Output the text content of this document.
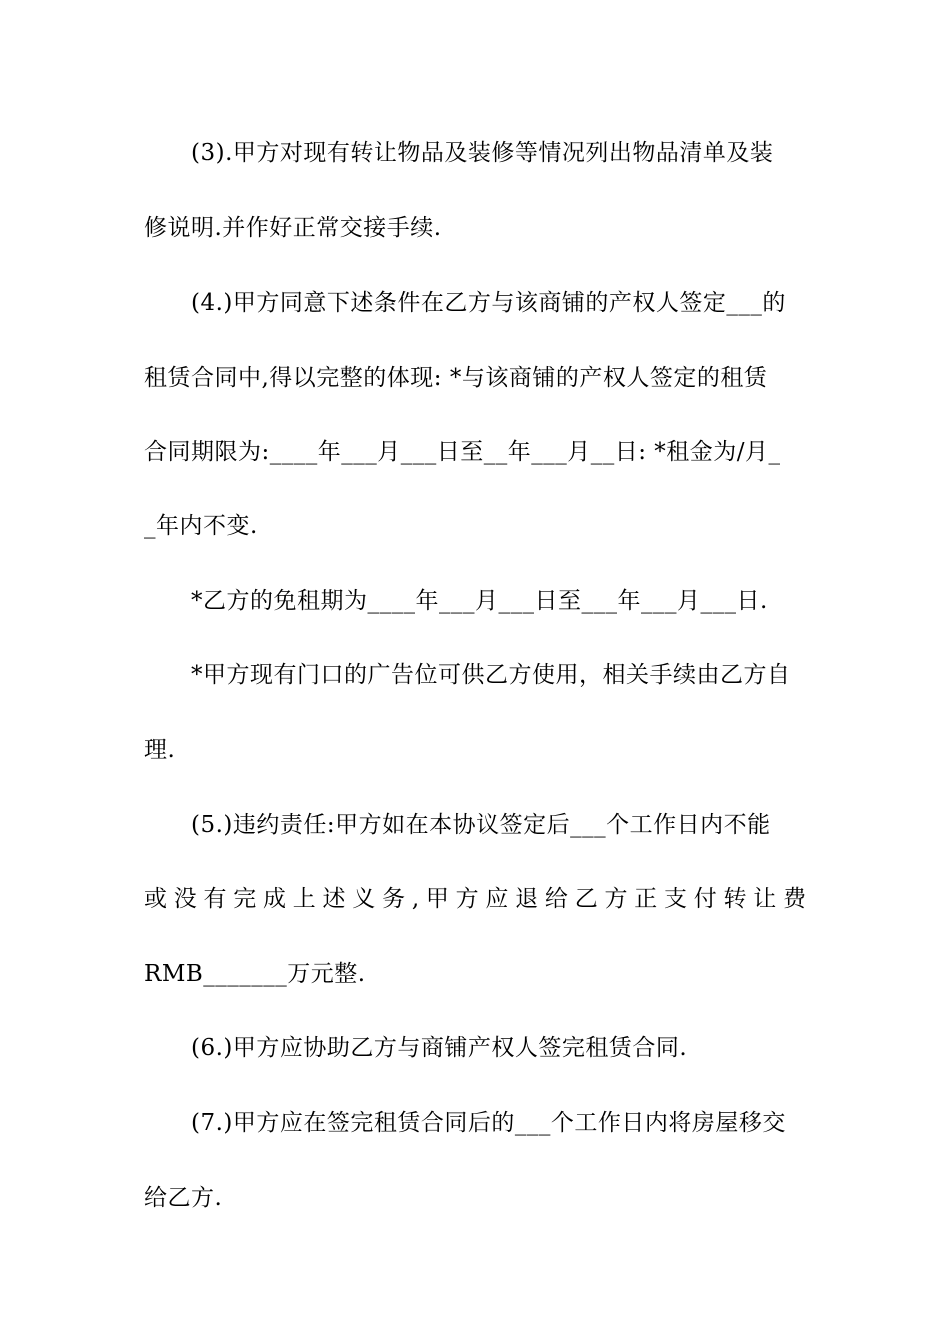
(3).甲方对现有转让物品及装修等情况列出物品清单及装
修说明.并作好正常交接手续.
(4.)甲方同意下述条件在乙方与该商铺的产权人签定___的
租赁合同中,得以完整的体现: *与该商铺的产权人签定的租赁
合同期限为:____年___月___日至__年___月__日: *租金为/月_
_年内不变.
*乙方的免租期为____年___月___日至___年___月___日.
*甲方现有门口的广告位可供乙方使用，相关手续由乙方自
理.
(5.)违约责任:甲方如在本协议签定后___个工作日内不能
或没有完成上述义务,甲方应退给乙方正支付转让费
RMB_______万元整.
(6.)甲方应协助乙方与商铺产权人签完租赁合同.
(7.)甲方应在签完租赁合同后的___个工作日内将房屋移交
给乙方.
